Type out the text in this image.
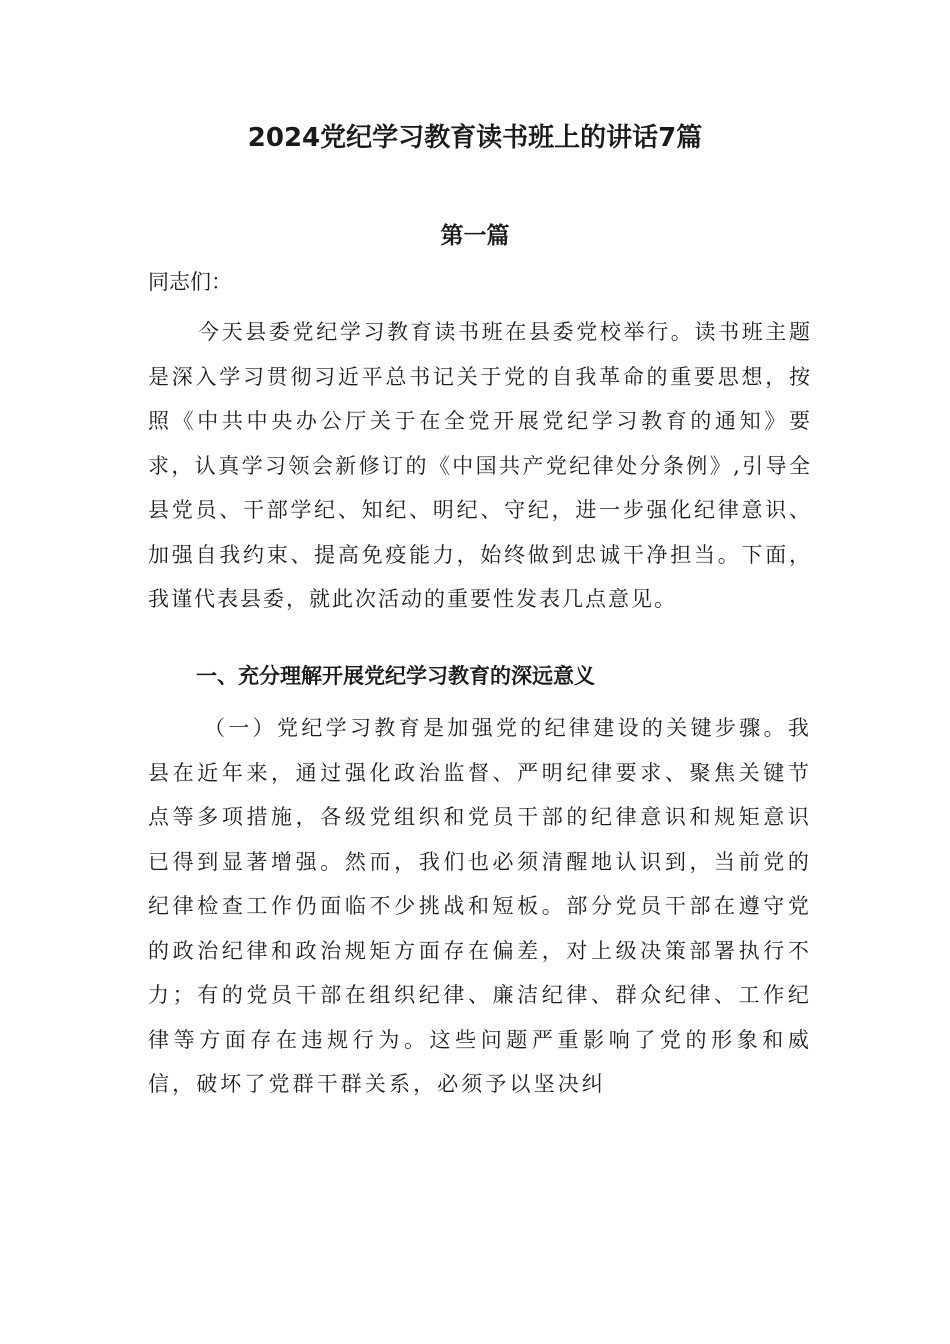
2024党纪学习教育读书班上的讲话7篇
第一篇

同志们：

今天县委党纪学习教育读书班在县委党校举行。读书班主题是深入学习贯彻习近平总书记关于党的自我革命的重要思想，按照《中共中央办公厅关于在全党开展党纪学习教育的通知》要求，认真学习领会新修订的《中国共产党纪律处分条例》,引导全县党员、干部学纪、知纪、明纪、守纪，进一步强化纪律意识、加强自我约束、提高免疫能力，始终做到忠诚干净担当。下面，我谨代表县委，就此次活动的重要性发表几点意见。

一、充分理解开展党纪学习教育的深远意义

（一）党纪学习教育是加强党的纪律建设的关键步骤。我县在近年来，通过强化政治监督、严明纪律要求、聚焦关键节点等多项措施，各级党组织和党员干部的纪律意识和规矩意识已得到显著增强。然而，我们也必须清醒地认识到，当前党的纪律检查工作仍面临不少挑战和短板。部分党员干部在遵守党的政治纪律和政治规矩方面存在偏差，对上级决策部署执行不力；有的党员干部在组织纪律、廉洁纪律、群众纪律、工作纪律等方面存在违规行为。这些问题严重影响了党的形象和威信，破坏了党群干群关系，必须予以坚决纠
